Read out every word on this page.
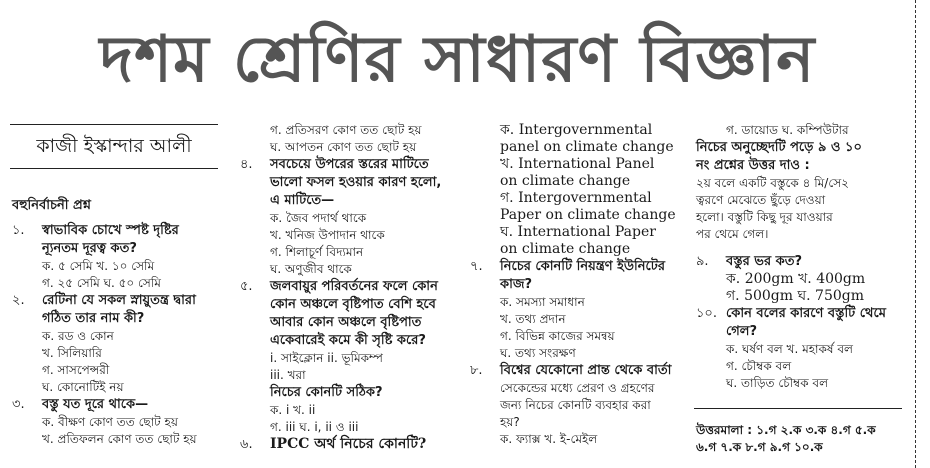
দশম শ্রেণির সাধারণ বিজ্ঞান
কাজী ইস্কান্দার আলী
বহুনির্বাচনী প্রশ্ন
১. স্বাভাবিক চোখে স্পষ্ট দৃষ্টির
ন্যূনতম দূরত্ব কত?
ক. ৫ সেমি খ. ১০ সেমি
গ. ২৫ সেমি ঘ. ৫০ সেমি
২. রেটিনা যে সকল স্নায়ুতন্ত্র দ্বারা
গঠিত তার নাম কী?
ক. রড ও কোন
খ. সিলিয়ারি
গ. সাসপেন্সরী
ঘ. কোনোটিই নয়
৩. বস্তু যত দূরে থাকে—
ক. বীক্ষণ কোণ তত ছোট হয়
খ. প্রতিফলন কোণ তত ছোট হয়
গ. প্রতিসরণ কোণ তত ছোট হয়
ঘ. আপতন কোণ তত ছোট হয়
৪. সবচেয়ে উপরের স্তরের মাটিতে
ভালো ফসল হওয়ার কারণ হলো,
এ মাটিতে—
ক. জৈব পদার্থ থাকে
খ. খনিজ উপাদান থাকে
গ. শিলাচূর্ণ বিদ্যমান
ঘ. অণুজীব থাকে
৫. জলবায়ুর পরিবর্তনের ফলে কোন
কোন অঞ্চলে বৃষ্টিপাত বেশি হবে
আবার কোন অঞ্চলে বৃষ্টিপাত
একেবারেই কমে কী সৃষ্টি করে?
i. সাইক্লোন ii. ভূমিকম্প
iii. খরা
নিচের কোনটি সঠিক?
ক. i খ. ii
গ. iii ঘ. i, ii ও iii
৬. IPCC অর্থ নিচের কোনটি?
ক. Intergovernmental
panel on climate change
খ. International Panel
on climate change
গ. Intergovernmental
Paper on climate change
ঘ. International Paper
on climate change
৭. নিচের কোনটি নিয়ন্ত্রণ ইউনিটের
কাজ?
ক. সমস্যা সমাধান
খ. তথ্য প্রদান
গ. বিভিন্ন কাজের সমন্বয়
ঘ. তথ্য সংরক্ষণ
৮. বিশ্বের যেকোনো প্রান্ত থেকে বার্তা
সেকেন্ডের মধ্যে প্রেরণ ও গ্রহণের
জন্য নিচের কোনটি ব্যবহার করা
হয়?
ক. ফ্যাক্স খ. ই-মেইল
গ. ডায়োড ঘ. কম্পিউটার
নিচের অনুচ্ছেদটি পড়ে ৯ ও ১০
নং প্রশ্নের উত্তর দাও :
২য় বলে একটি বস্তুকে ৪ মি/সে২
ত্বরণে মেঝেতে ছুঁড়ে দেওয়া
হলো। বস্তুটি কিছু দূর যাওয়ার
পর থেমে গেল।
৯. বস্তুর ভর কত?
ক. 200gm খ. 400gm
গ. 500gm ঘ. 750gm
১০. কোন বলের কারণে বস্তুটি থেমে
গেল?
ক. ঘর্ষণ বল খ. মহাকর্ষ বল
গ. চৌম্বক বল
ঘ. তাড়িত চৌম্বক বল
উত্তরমালা : ১.গ ২.ক ৩.ক ৪.গ ৫.ক
৬.গ ৭.ক ৮.গ ৯.গ ১০.ক
